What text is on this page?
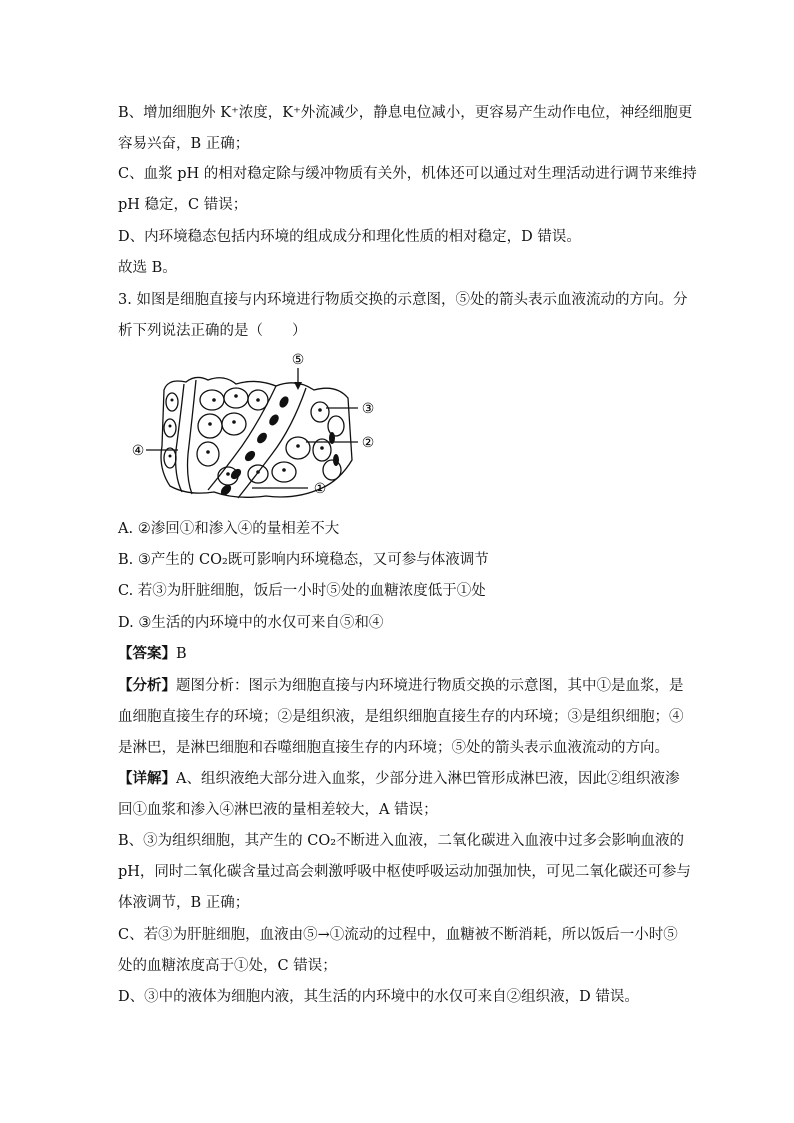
B、增加细胞外 K⁺浓度，K⁺外流减少，静息电位减小，更容易产生动作电位，神经细胞更
容易兴奋，B 正确；
C、血浆 pH 的相对稳定除与缓冲物质有关外，机体还可以通过对生理活动进行调节来维持
pH 稳定，C 错误；
D、内环境稳态包括内环境的组成成分和理化性质的相对稳定，D 错误。
故选 B。
3. 如图是细胞直接与内环境进行物质交换的示意图，⑤处的箭头表示血液流动的方向。分
析下列说法正确的是（　　）
⑤
③
②
④
①
A. ②渗回①和渗入④的量相差不大
B. ③产生的 CO₂既可影响内环境稳态，又可参与体液调节
C. 若③为肝脏细胞，饭后一小时⑤处的血糖浓度低于①处
D. ③生活的内环境中的水仅可来自⑤和④
【答案】B
【分析】题图分析：图示为细胞直接与内环境进行物质交换的示意图，其中①是血浆，是
血细胞直接生存的环境；②是组织液，是组织细胞直接生存的内环境；③是组织细胞；④
是淋巴，是淋巴细胞和吞噬细胞直接生存的内环境；⑤处的箭头表示血液流动的方向。
【详解】A、组织液绝大部分进入血浆，少部分进入淋巴管形成淋巴液，因此②组织液渗
回①血浆和渗入④淋巴液的量相差较大，A 错误；
B、③为组织细胞，其产生的 CO₂不断进入血液，二氧化碳进入血液中过多会影响血液的
pH，同时二氧化碳含量过高会刺激呼吸中枢使呼吸运动加强加快，可见二氧化碳还可参与
体液调节，B 正确；
C、若③为肝脏细胞，血液由⑤→①流动的过程中，血糖被不断消耗，所以饭后一小时⑤
处的血糖浓度高于①处，C 错误；
D、③中的液体为细胞内液，其生活的内环境中的水仅可来自②组织液，D 错误。
